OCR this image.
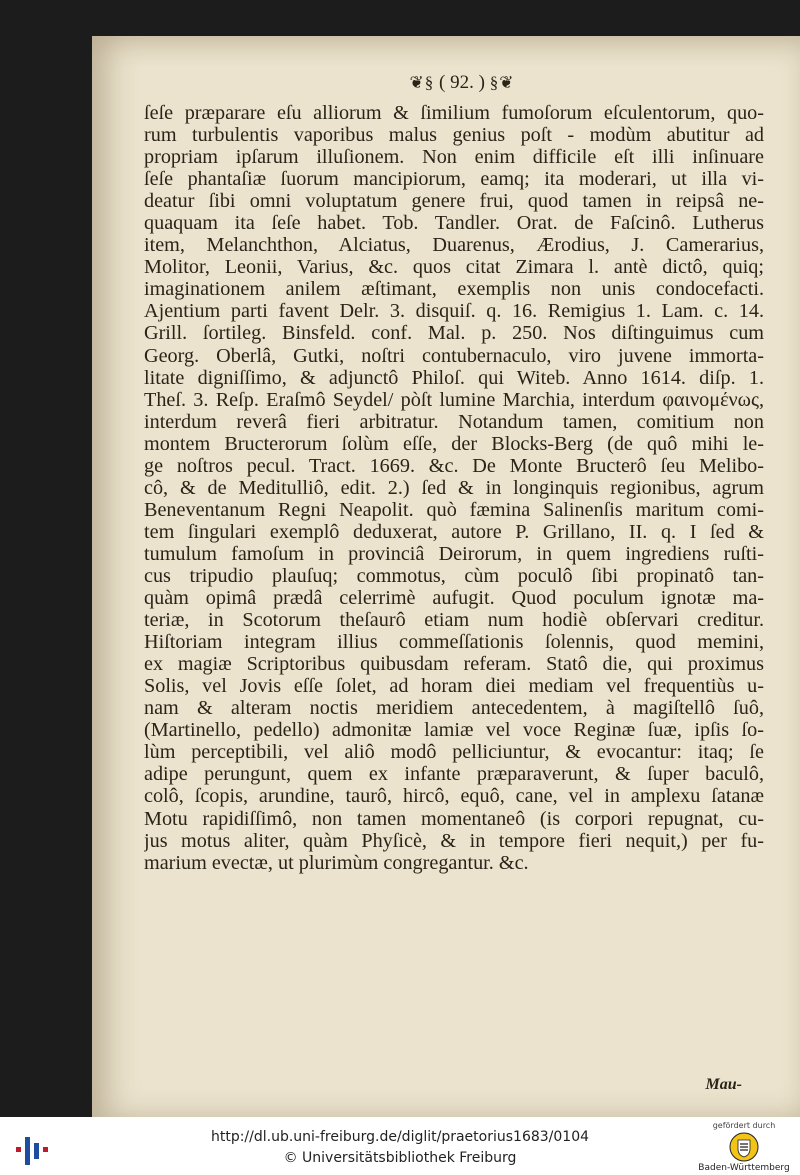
❦§ ( 92. ) §❦
ſeſe præparare eſu alliorum & ſimilium fumoſorum eſculentorum, quo-
rum turbulentis vaporibus malus genius poſt - modùm abutitur ad
propriam ipſarum illuſionem. Non enim difficile eſt illi inſinuare
ſeſe phantaſiæ ſuorum mancipiorum, eamq; ita moderari, ut illa vi-
deatur ſibi omni voluptatum genere frui, quod tamen in reipsâ ne-
quaquam ita ſeſe habet. Tob. Tandler. Orat. de Faſcinô. Lutherus
item, Melanchthon, Alciatus, Duarenus, Ærodius, J. Camerarius,
Molitor, Leonii, Varius, &c. quos citat Zimara l. antè dictô, quiq;
imaginationem anilem æſtimant, exemplis non unis condocefacti.
Ajentium parti favent Delr. 3. disquiſ. q. 16. Remigius 1. Lam. c. 14.
Grill. ſortileg. Binsfeld. conf. Mal. p. 250. Nos diſtinguimus cum
Georg. Oberlâ, Gutki, noſtri contubernaculo, viro juvene immorta-
litate digniſſimo, & adjunctô Philoſ. qui Witeb. Anno 1614. diſp. 1.
Theſ. 3. Reſp. Eraſmô Seydel/ pòſt lumine Marchia, interdum φαινομένως,
interdum reverâ fieri arbitratur. Notandum tamen, comitium non
montem Bructerorum ſolùm eſſe, der Blocks-Berg (de quô mihi le-
ge noſtros pecul. Tract. 1669. &c. De Monte Bructerô ſeu Melibo-
cô, & de Meditulliô, edit. 2.) ſed & in longinquis regionibus, agrum
Beneventanum Regni Neapolit. quò fæmina Salinenſis maritum comi-
tem ſingulari exemplô deduxerat, autore P. Grillano, II. q. I ſed &
tumulum famoſum in provinciâ Deirorum, in quem ingrediens ruſti-
cus tripudio plauſuq; commotus, cùm poculô ſibi propinatô tan-
quàm opimâ prædâ celerrimè aufugit. Quod poculum ignotæ ma-
teriæ, in Scotorum theſaurô etiam num hodiè obſervari creditur.
Hiſtoriam integram illius commeſſationis ſolennis, quod memini,
ex magiæ Scriptoribus quibusdam referam. Statô die, qui proximus
Solis, vel Jovis eſſe ſolet, ad horam diei mediam vel frequentiùs u-
nam & alteram noctis meridiem antecedentem, à magiſtellô ſuô,
(Martinello, pedello) admonitæ lamiæ vel voce Reginæ ſuæ, ipſis ſo-
lùm perceptibili, vel aliô modô pelliciuntur, & evocantur: itaq; ſe
adipe perungunt, quem ex infante præparaverunt, & ſuper baculô,
colô, ſcopis, arundine, taurô, hircô, equô, cane, vel in amplexu ſatanæ
Motu rapidiſſimô, non tamen momentaneô (is corpori repugnat, cu-
jus motus aliter, quàm Phyſicè, & in tempore fieri nequit,) per fu-
marium evectæ, ut plurimùm congregantur. &c.
Mau-
http://dl.ub.uni-freiburg.de/diglit/praetorius1683/0104
© Universitätsbibliothek Freiburg
gefördert durch
Baden-Württemberg
